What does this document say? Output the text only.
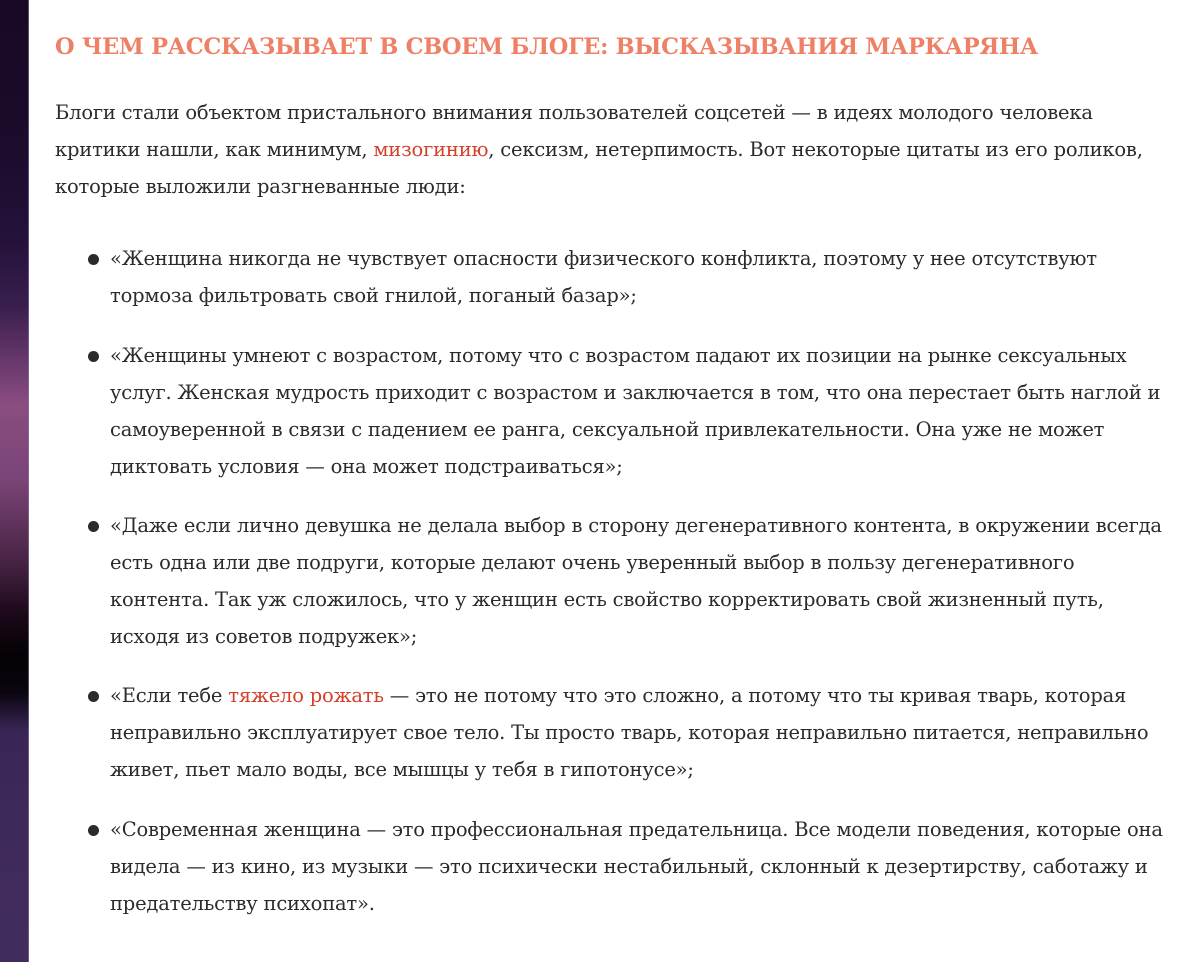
О ЧЕМ РАССКАЗЫВАЕТ В СВОЕМ БЛОГЕ: ВЫСКАЗЫВАНИЯ МАРКАРЯНА

Блоги стали объектом пристального внимания пользователей соцсетей — в идеях молодого человека критики нашли, как минимум, мизогинию, сексизм, нетерпимость. Вот некоторые цитаты из его роликов, которые выложили разгневанные люди:

«Женщина никогда не чувствует опасности физического конфликта, поэтому у нее отсутствуют тормоза фильтровать свой гнилой, поганый базар»;
«Женщины умнеют с возрастом, потому что с возрастом падают их позиции на рынке сексуальных услуг. Женская мудрость приходит с возрастом и заключается в том, что она перестает быть наглой и самоуверенной в связи с падением ее ранга, сексуальной привлекательности. Она уже не может диктовать условия — она может подстраиваться»;
«Даже если лично девушка не делала выбор в сторону дегенеративного контента, в окружении всегда есть одна или две подруги, которые делают очень уверенный выбор в пользу дегенеративного контента. Так уж сложилось, что у женщин есть свойство корректировать свой жизненный путь, исходя из советов подружек»;
«Если тебе тяжело рожать — это не потому что это сложно, а потому что ты кривая тварь, которая неправильно эксплуатирует свое тело. Ты просто тварь, которая неправильно питается, неправильно живет, пьет мало воды, все мышцы у тебя в гипотонусе»;
«Современная женщина — это профессиональная предательница. Все модели поведения, которые она видела — из кино, из музыки — это психически нестабильный, склонный к дезертирству, саботажу и предательству психопат».
